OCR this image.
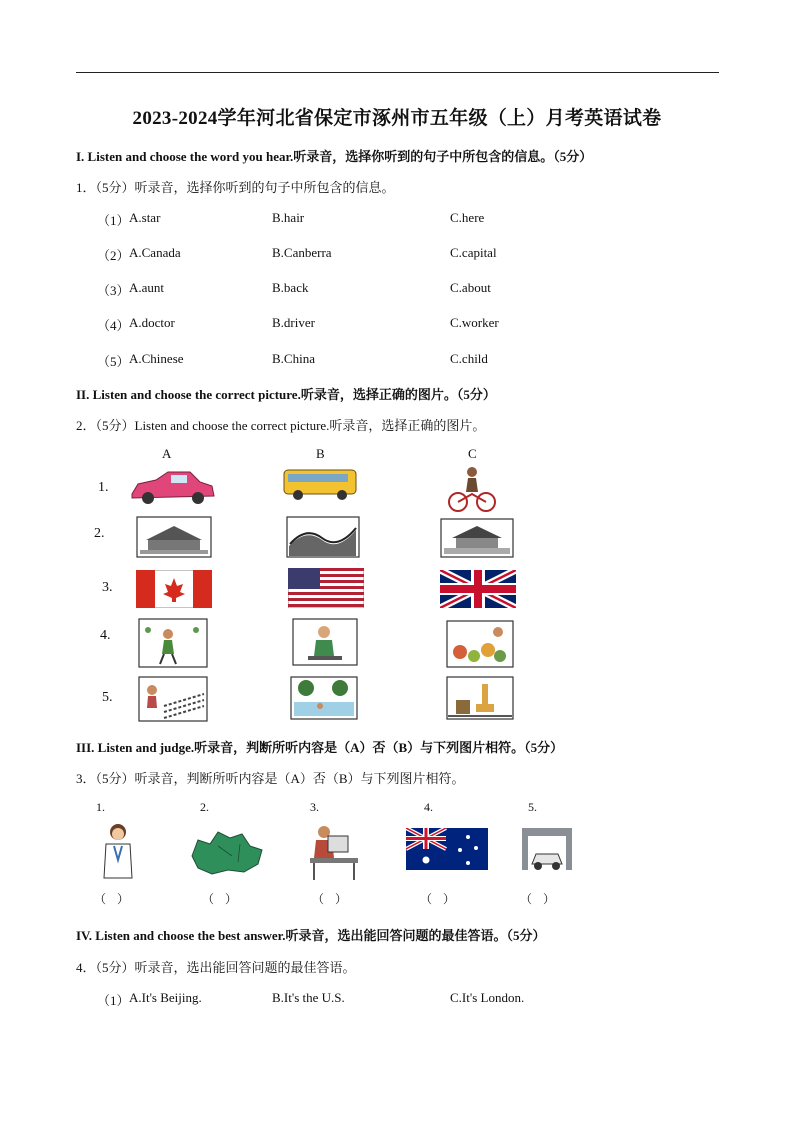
2023-2024学年河北省保定市涿州市五年级（上）月考英语试卷
I. Listen and choose the word you hear.听录音，选择你听到的句子中所包含的信息。（5分）
1．（5分）听录音，选择你听到的句子中所包含的信息。
（1） A.star	B.hair	C.here
（2） A.Canada	B.Canberra	C.capital
（3） A.aunt	B.back	C.about
（4） A.doctor	B.driver	C.worker
（5） A.Chinese	B.China	C.child
II. Listen and choose the correct picture.听录音，选择正确的图片。（5分）
2．（5分）Listen and choose the correct picture.听录音，选择正确的图片。
A	B	C
1.
2.
3.
4.
5.
III. Listen and judge.听录音，判断所听内容是（A）否（B）与下列图片相符。（5分）
3．（5分）听录音，判断所听内容是（A）否（B）与下列图片相符。
1.	2.	3.	4.	5.
（ ）	（ ）	（ ）	（ ）	（ ）
IV. Listen and choose the best answer.听录音，选出能回答问题的最佳答语。（5分）
4．（5分）听录音，选出能回答问题的最佳答语。
（1） A.It's Beijing.	B.It's the U.S.	C.It's London.
